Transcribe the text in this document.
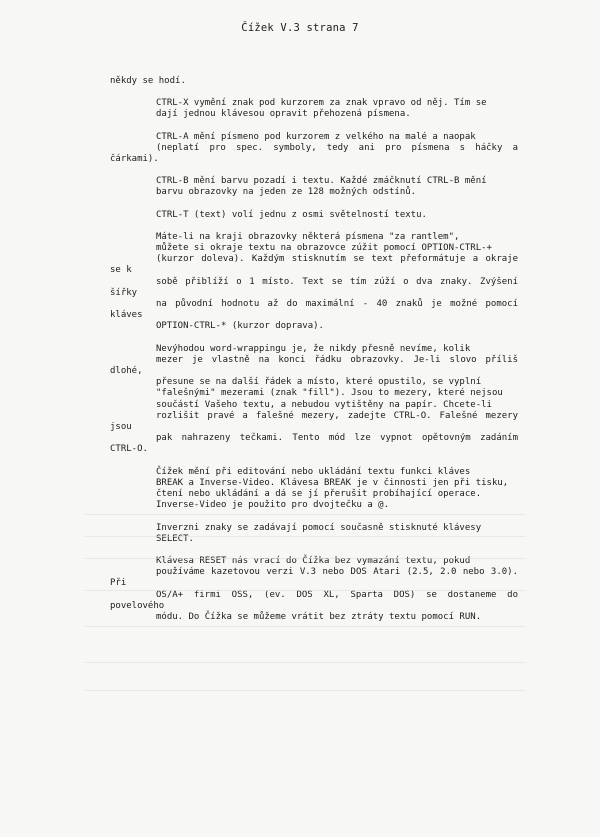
Čížek V.3 strana 7

někdy se hodí.

CTRL-X vymění znak pod kurzorem za znak vpravo od něj. Tím se
dají jednou klávesou opravit přehozená písmena.

CTRL-A mění písmeno pod kurzorem z velkého na malé a naopak
(neplatí pro spec. symboly, tedy ani pro písmena s háčky a čárkami).

CTRL-B mění barvu pozadí i textu. Každé zmáčknutí CTRL-B mění
barvu obrazovky na jeden ze 128 možných odstínů.

CTRL-T (text) volí jednu z osmi světelností textu.

Máte-li na kraji obrazovky některá písmena "za rantlem",
můžete si okraje textu na obrazovce zúžit pomocí OPTION-CTRL-+
(kurzor doleva). Každým stisknutím se text přeformátuje a okraje se k
sobě přiblíží o 1 místo. Text se tím zúží o dva znaky. Zvýšení šířky
na původní hodnotu až do maximální - 40 znaků je možné pomocí kláves
OPTION-CTRL-* (kurzor doprava).

Nevýhodou word-wrappingu je, že nikdy přesně nevíme, kolik
mezer je vlastně na konci řádku obrazovky. Je-li slovo příliš dlohé,
přesune se na další řádek a místo, které opustilo, se vyplní
"falešnými" mezerami (znak "fill"). Jsou to mezery, které nejsou
součástí Vašeho textu, a nebudou vytištěny na papír. Chcete-li
rozlišit pravé a falešné mezery, zadejte CTRL-O. Falešné mezery jsou
pak nahrazeny tečkami. Tento mód lze vypnot opětovným zadáním CTRL-O.

Čížek mění při editování nebo ukládání textu funkci kláves
BREAK a Inverse-Video. Klávesa BREAK je v činnosti jen při tisku,
čtení nebo ukládání a dá se jí přerušit probíhající operace.
Inverse-Video je použito pro dvojtečku a @.

Inverzni znaky se zadávají pomocí současně stisknuté klávesy
SELECT.

Klávesa RESET nás vrací do Čížka bez vymazání textu, pokud
používáme kazetovou verzi V.3 nebo DOS Atari (2.5, 2.0 nebo 3.0). Při
OS/A+ firmi OSS, (ev. DOS XL, Sparta DOS) se dostaneme do povelového
módu. Do Čížka se můžeme vrátit bez ztráty textu pomocí RUN.
